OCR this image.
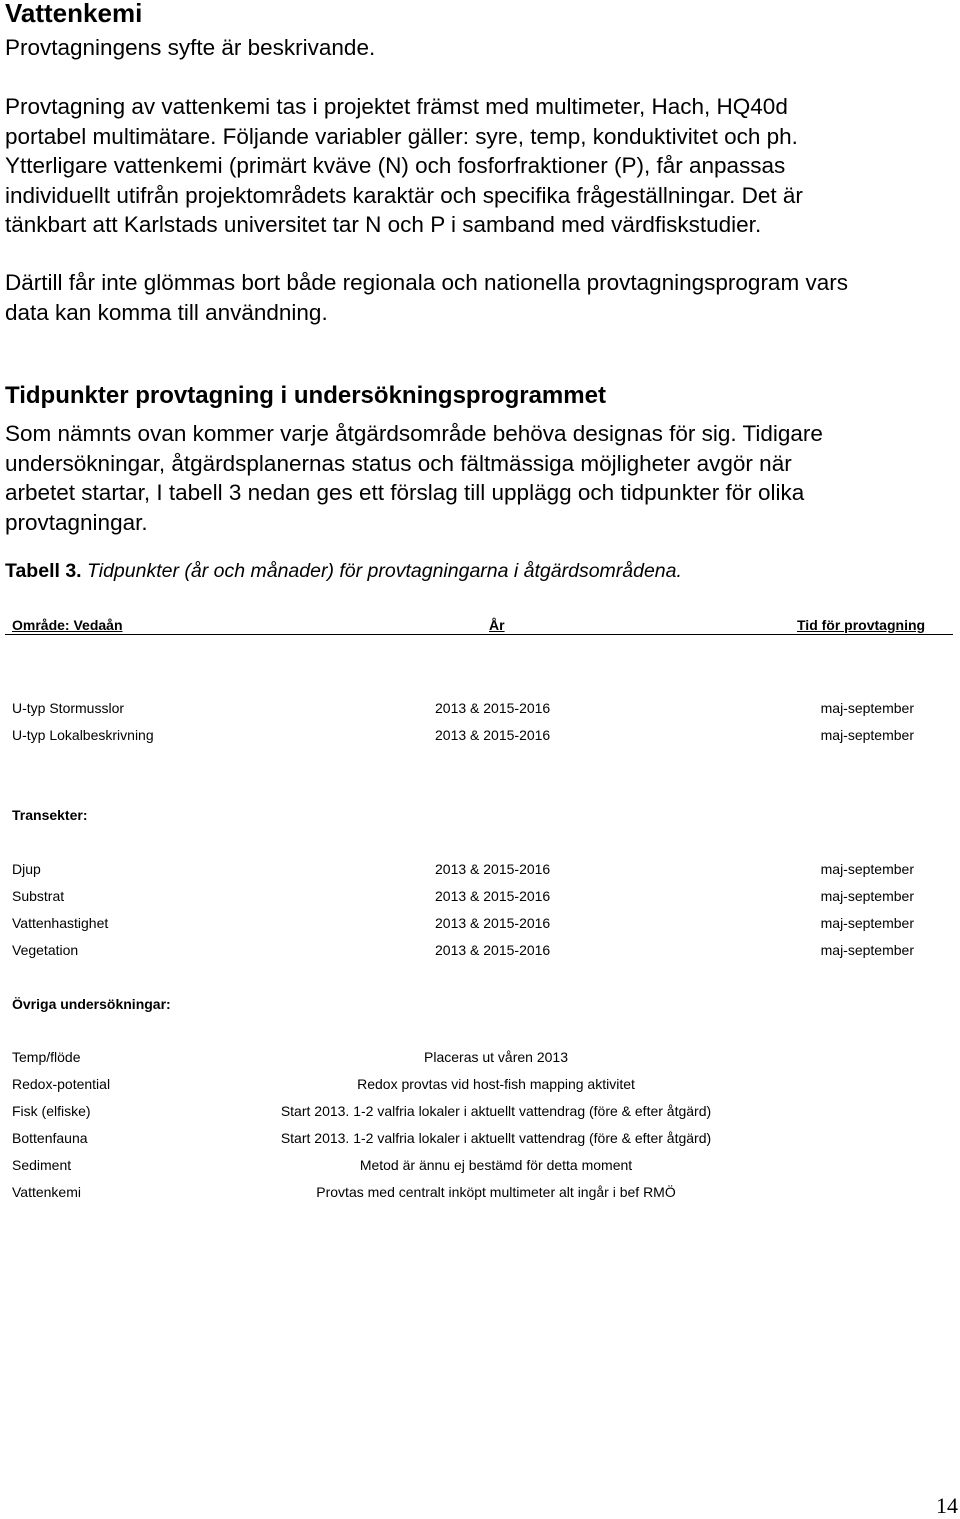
Vattenkemi

Provtagningens syfte är beskrivande.

Provtagning av vattenkemi tas i projektet främst med multimeter, Hach, HQ40d
portabel multimätare. Följande variabler gäller: syre, temp, konduktivitet och ph.
Ytterligare vattenkemi (primärt kväve (N) och fosforfraktioner (P), får anpassas
individuellt utifrån projektområdets karaktär och specifika frågeställningar. Det är
tänkbart att Karlstads universitet tar N och P i samband med värdfiskstudier.
Därtill får inte glömmas bort både regionala och nationella provtagningsprogram vars
data kan komma till användning.
Tidpunkter provtagning i undersökningsprogrammet
Som nämnts ovan kommer varje åtgärdsområde behöva designas för sig. Tidigare
undersökningar, åtgärdsplanernas status och fältmässiga möjligheter avgör när
arbetet startar, I tabell 3 nedan ges ett förslag till upplägg och tidpunkter för olika
provtagningar.

Tabell 3. Tidpunkter (år och månader) för provtagningarna i åtgärdsområdena.

Område: Vedaån	År	Tid för provtagning
U-typ Stormusslor	2013 & 2015-2016	maj-september
U-typ Lokalbeskrivning	2013 & 2015-2016	maj-september
Transekter:
Djup	2013 & 2015-2016	maj-september
Substrat	2013 & 2015-2016	maj-september
Vattenhastighet	2013 & 2015-2016	maj-september
Vegetation	2013 & 2015-2016	maj-september
Övriga undersökningar:
Temp/flöde	Placeras ut våren 2013
Redox-potential	Redox provtas vid host-fish mapping aktivitet
Fisk (elfiske)	Start 2013. 1-2 valfria lokaler i aktuellt vattendrag (före & efter åtgärd)
Bottenfauna	Start 2013. 1-2 valfria lokaler i aktuellt vattendrag (före & efter åtgärd)
Sediment	Metod är ännu ej bestämd för detta moment
Vattenkemi	Provtas med centralt inköpt multimeter alt ingår i bef RMÖ
14
